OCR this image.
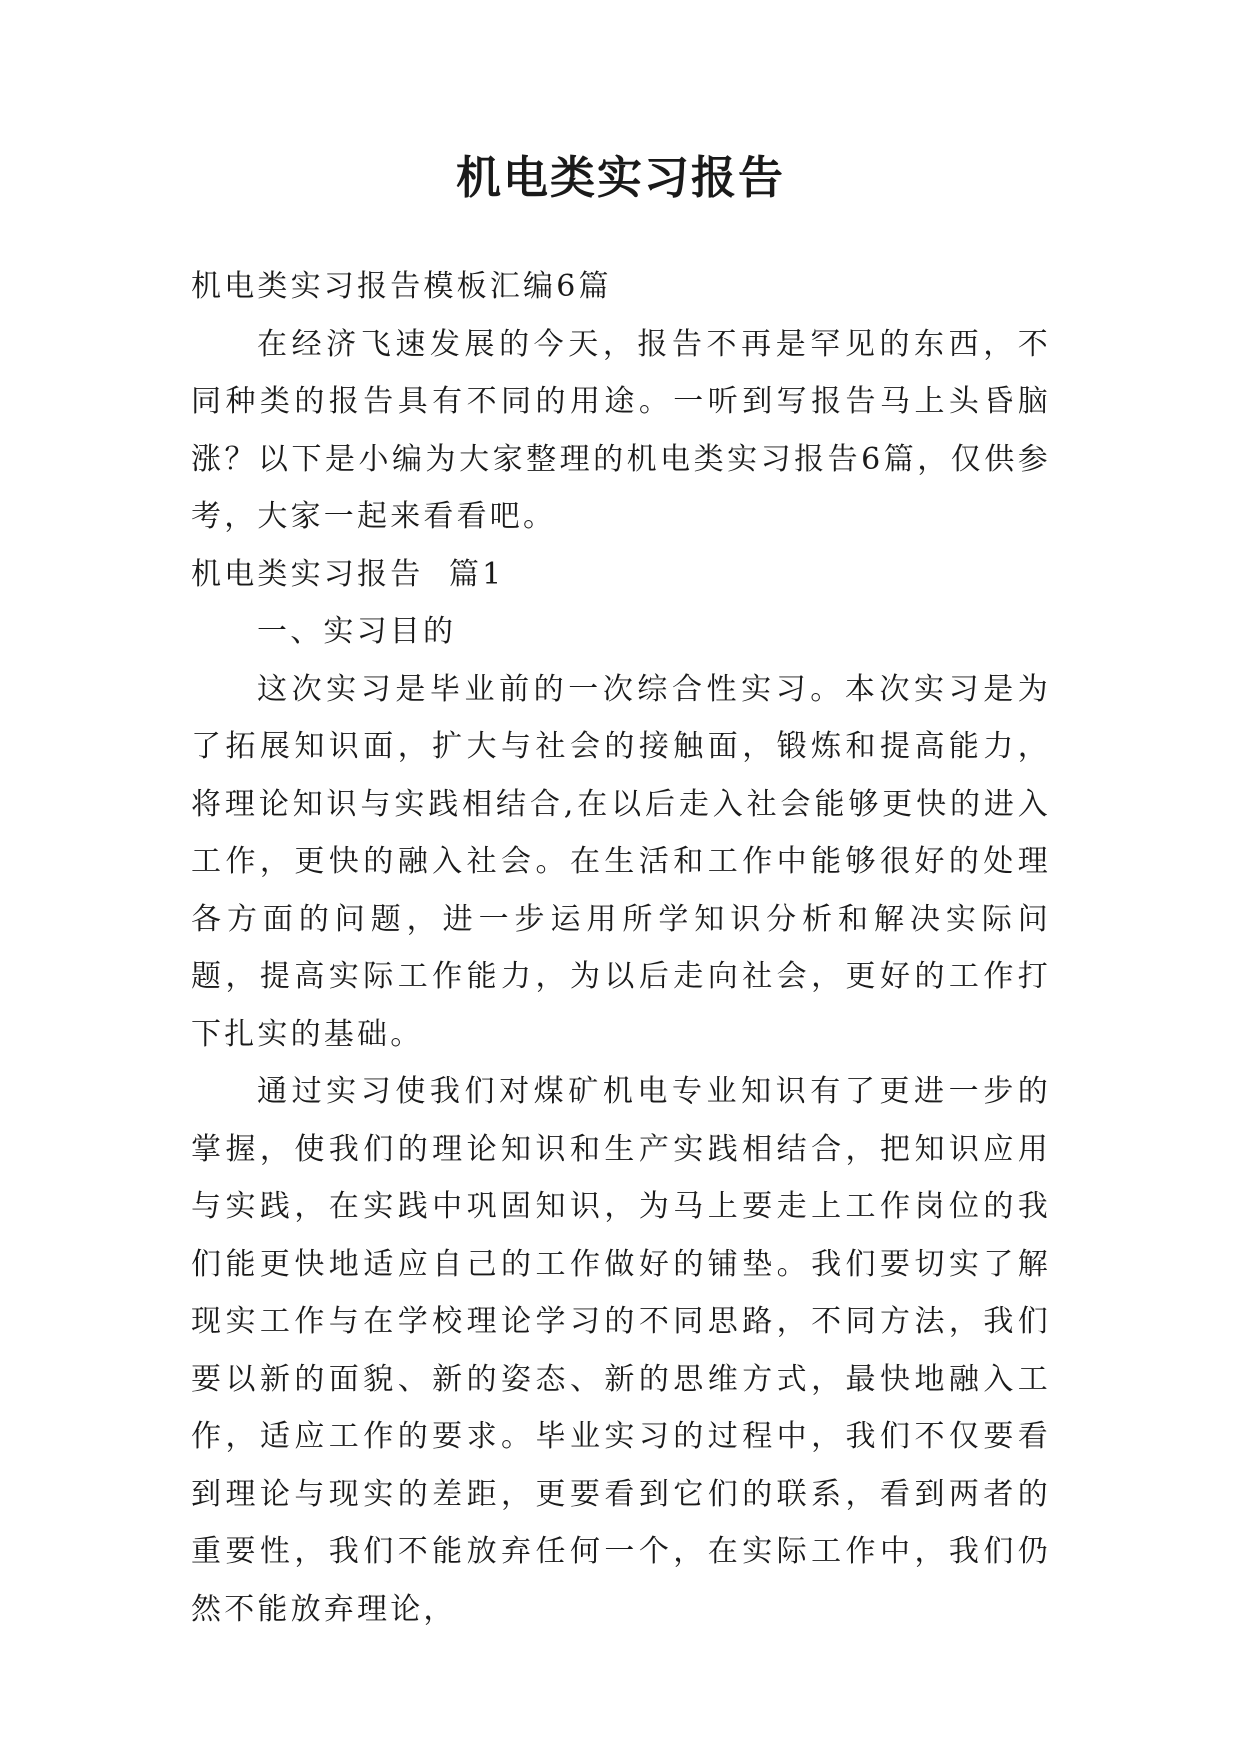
机电类实习报告

机电类实习报告模板汇编6篇

在经济飞速发展的今天，报告不再是罕见的东西，不同种类的报告具有不同的用途。一听到写报告马上头昏脑涨？以下是小编为大家整理的机电类实习报告6篇，仅供参考，大家一起来看看吧。

机电类实习报告  篇1

一、实习目的

这次实习是毕业前的一次综合性实习。本次实习是为了拓展知识面，扩大与社会的接触面，锻炼和提高能力，将理论知识与实践相结合,在以后走入社会能够更快的进入工作，更快的融入社会。在生活和工作中能够很好的处理各方面的问题，进一步运用所学知识分析和解决实际问题，提高实际工作能力，为以后走向社会，更好的工作打下扎实的基础。

通过实习使我们对煤矿机电专业知识有了更进一步的掌握，使我们的理论知识和生产实践相结合，把知识应用与实践，在实践中巩固知识，为马上要走上工作岗位的我们能更快地适应自己的工作做好的铺垫。我们要切实了解现实工作与在学校理论学习的不同思路，不同方法，我们要以新的面貌、新的姿态、新的思维方式，最快地融入工作，适应工作的要求。毕业实习的过程中，我们不仅要看到理论与现实的差距，更要看到它们的联系，看到两者的重要性，我们不能放弃任何一个，在实际工作中，我们仍然不能放弃理论，
